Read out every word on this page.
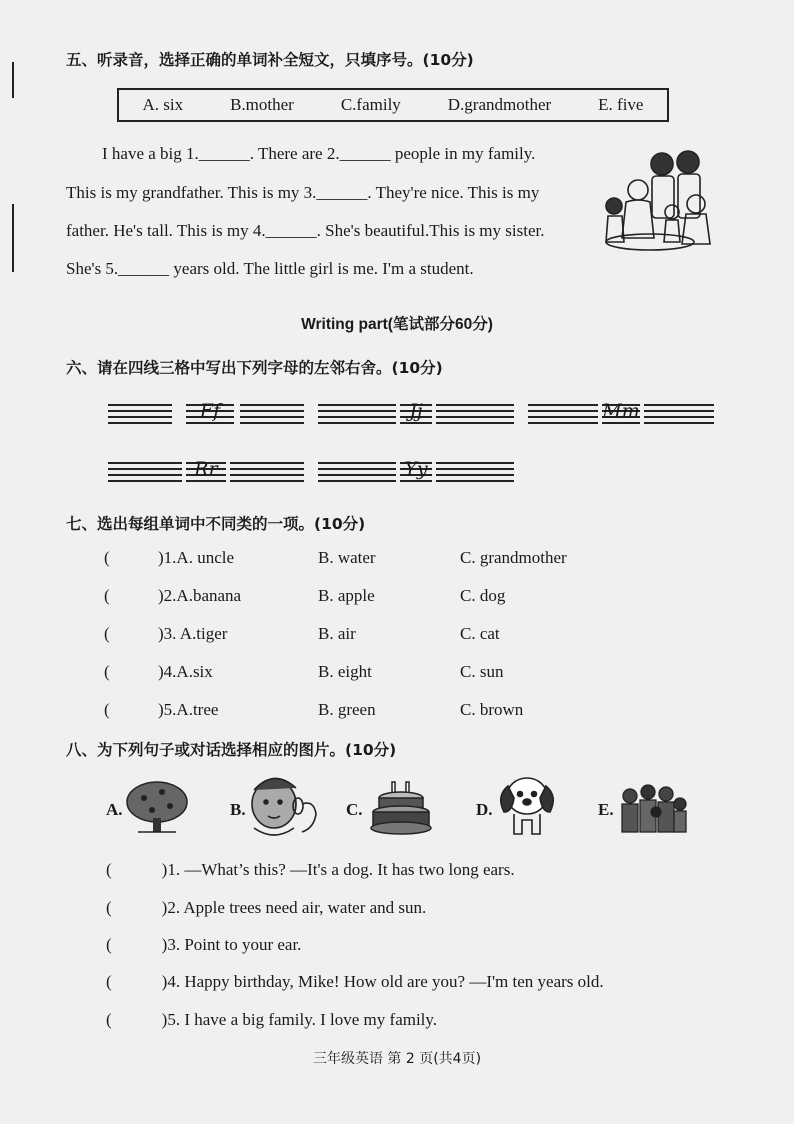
五、听录音，选择正确的单词补全短文，只填序号。(10分)
A. six	B.mother	C.family	D.grandmother	E. five
I have a big 1.______. There are 2.______ people in my family.
This is my grandfather. This is my 3.______. They're nice. This is my
father. He's tall. This is my 4.______. She's beautiful.This is my sister.
She's 5.______ years old. The little girl is me. I'm a student.
Writing part(笔试部分60分)
六、请在四线三格中写出下列字母的左邻右舍。(10分)
Ff	Jj	Mm
Rr	Yy
七、选出每组单词中不同类的一项。(10分)
(	)1.A. uncle	B. water	C. grandmother
(	)2.A.banana	B. apple	C. dog
(	)3. A.tiger	B. air	C. cat
(	)4.A.six	B. eight	C. sun
(	)5.A.tree	B. green	C. brown
八、为下列句子或对话选择相应的图片。(10分)
A.	B.	C.	D.	E.
(	)1. —What’s this? —It's a dog. It has two long ears.
(	)2. Apple trees need air, water and sun.
(	)3. Point to your ear.
(	)4. Happy birthday, Mike! How old are you? —I'm ten years old.
(	)5. I have a big family. I love my family.
三年级英语 第 2 页(共4页)
